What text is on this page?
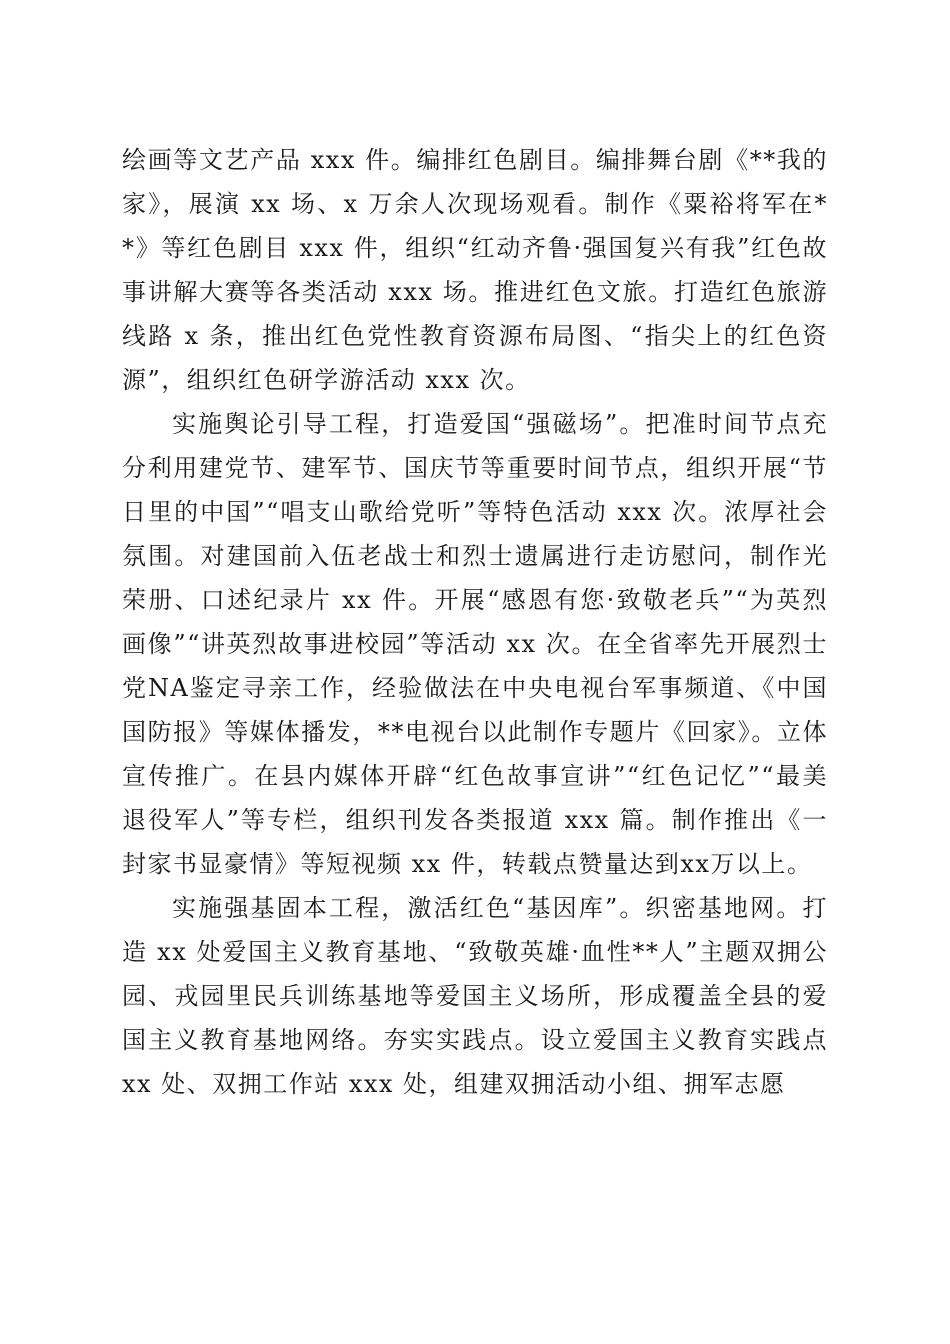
绘画等文艺产品 xxx 件。编排红色剧目。编排舞台剧《**我的家》，展演 xx 场、x 万余人次现场观看。制作《粟裕将军在**》等红色剧目 xxx 件，组织“红动齐鲁·强国复兴有我”红色故事讲解大赛等各类活动 xxx 场。推进红色文旅。打造红色旅游线路 x 条，推出红色党性教育资源布局图、“指尖上的红色资源”，组织红色研学游活动 xxx 次。

实施舆论引导工程，打造爱国“强磁场”。把准时间节点充分利用建党节、建军节、国庆节等重要时间节点，组织开展“节日里的中国”“唱支山歌给党听”等特色活动 xxx 次。浓厚社会氛围。对建国前入伍老战士和烈士遗属进行走访慰问，制作光荣册、口述纪录片 xx 件。开展“感恩有您·致敬老兵”“为英烈画像”“讲英烈故事进校园”等活动 xx 次。在全省率先开展烈士党NA鉴定寻亲工作，经验做法在中央电视台军事频道、《中国国防报》等媒体播发，**电视台以此制作专题片《回家》。立体宣传推广。在县内媒体开辟“红色故事宣讲”“红色记忆”“最美退役军人”等专栏，组织刊发各类报道 xxx 篇。制作推出《一封家书显豪情》等短视频 xx 件，转载点赞量达到xx万以上。

实施强基固本工程，激活红色“基因库”。织密基地网。打造 xx 处爱国主义教育基地、“致敬英雄·血性**人”主题双拥公园、戎园里民兵训练基地等爱国主义场所，形成覆盖全县的爱国主义教育基地网络。夯实实践点。设立爱国主义教育实践点 xx 处、双拥工作站 xxx 处，组建双拥活动小组、拥军志愿
